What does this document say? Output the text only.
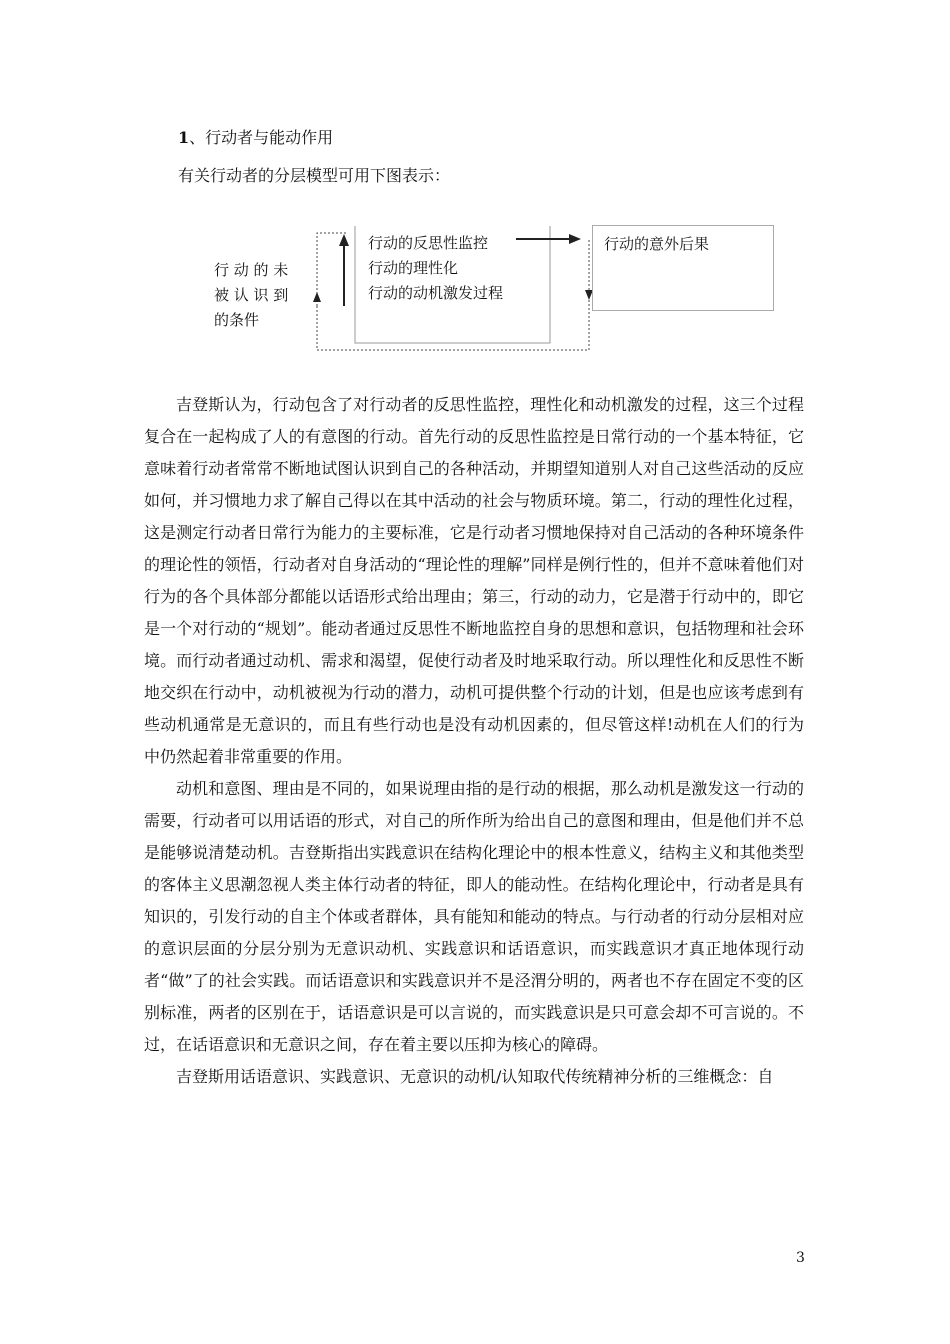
1、行动者与能动作用
有关行动者的分层模型可用下图表示：
行 动 的 未
被 认 识 到
的条件
行动的反思性监控
行动的理性化
行动的动机激发过程
行动的意外后果

吉登斯认为，行动包含了对行动者的反思性监控，理性化和动机激发的过程，这三个过程复合在一起构成了人的有意图的行动。首先行动的反思性监控是日常行动的一个基本特征，它意味着行动者常常不断地试图认识到自己的各种活动，并期望知道别人对自己这些活动的反应如何，并习惯地力求了解自己得以在其中活动的社会与物质环境。第二，行动的理性化过程，这是测定行动者日常行为能力的主要标准，它是行动者习惯地保持对自己活动的各种环境条件的理论性的领悟，行动者对自身活动的“理论性的理解”同样是例行性的，但并不意味着他们对行为的各个具体部分都能以话语形式给出理由；第三，行动的动力，它是潜于行动中的，即它是一个对行动的“规划”。能动者通过反思性不断地监控自身的思想和意识，包括物理和社会环境。而行动者通过动机、需求和渴望，促使行动者及时地采取行动。所以理性化和反思性不断地交织在行动中，动机被视为行动的潜力，动机可提供整个行动的计划，但是也应该考虑到有些动机通常是无意识的，而且有些行动也是没有动机因素的，但尽管这样!动机在人们的行为中仍然起着非常重要的作用。

动机和意图、理由是不同的，如果说理由指的是行动的根据，那么动机是激发这一行动的需要，行动者可以用话语的形式，对自己的所作所为给出自己的意图和理由，但是他们并不总是能够说清楚动机。吉登斯指出实践意识在结构化理论中的根本性意义，结构主义和其他类型的客体主义思潮忽视人类主体行动者的特征，即人的能动性。在结构化理论中，行动者是具有知识的，引发行动的自主个体或者群体，具有能知和能动的特点。与行动者的行动分层相对应的意识层面的分层分别为无意识动机、实践意识和话语意识，而实践意识才真正地体现行动者“做”了的社会实践。而话语意识和实践意识并不是泾渭分明的，两者也不存在固定不变的区别标准，两者的区别在于，话语意识是可以言说的，而实践意识是只可意会却不可言说的。不过，在话语意识和无意识之间，存在着主要以压抑为核心的障碍。

吉登斯用话语意识、实践意识、无意识的动机/认知取代传统精神分析的三维概念：自

3
